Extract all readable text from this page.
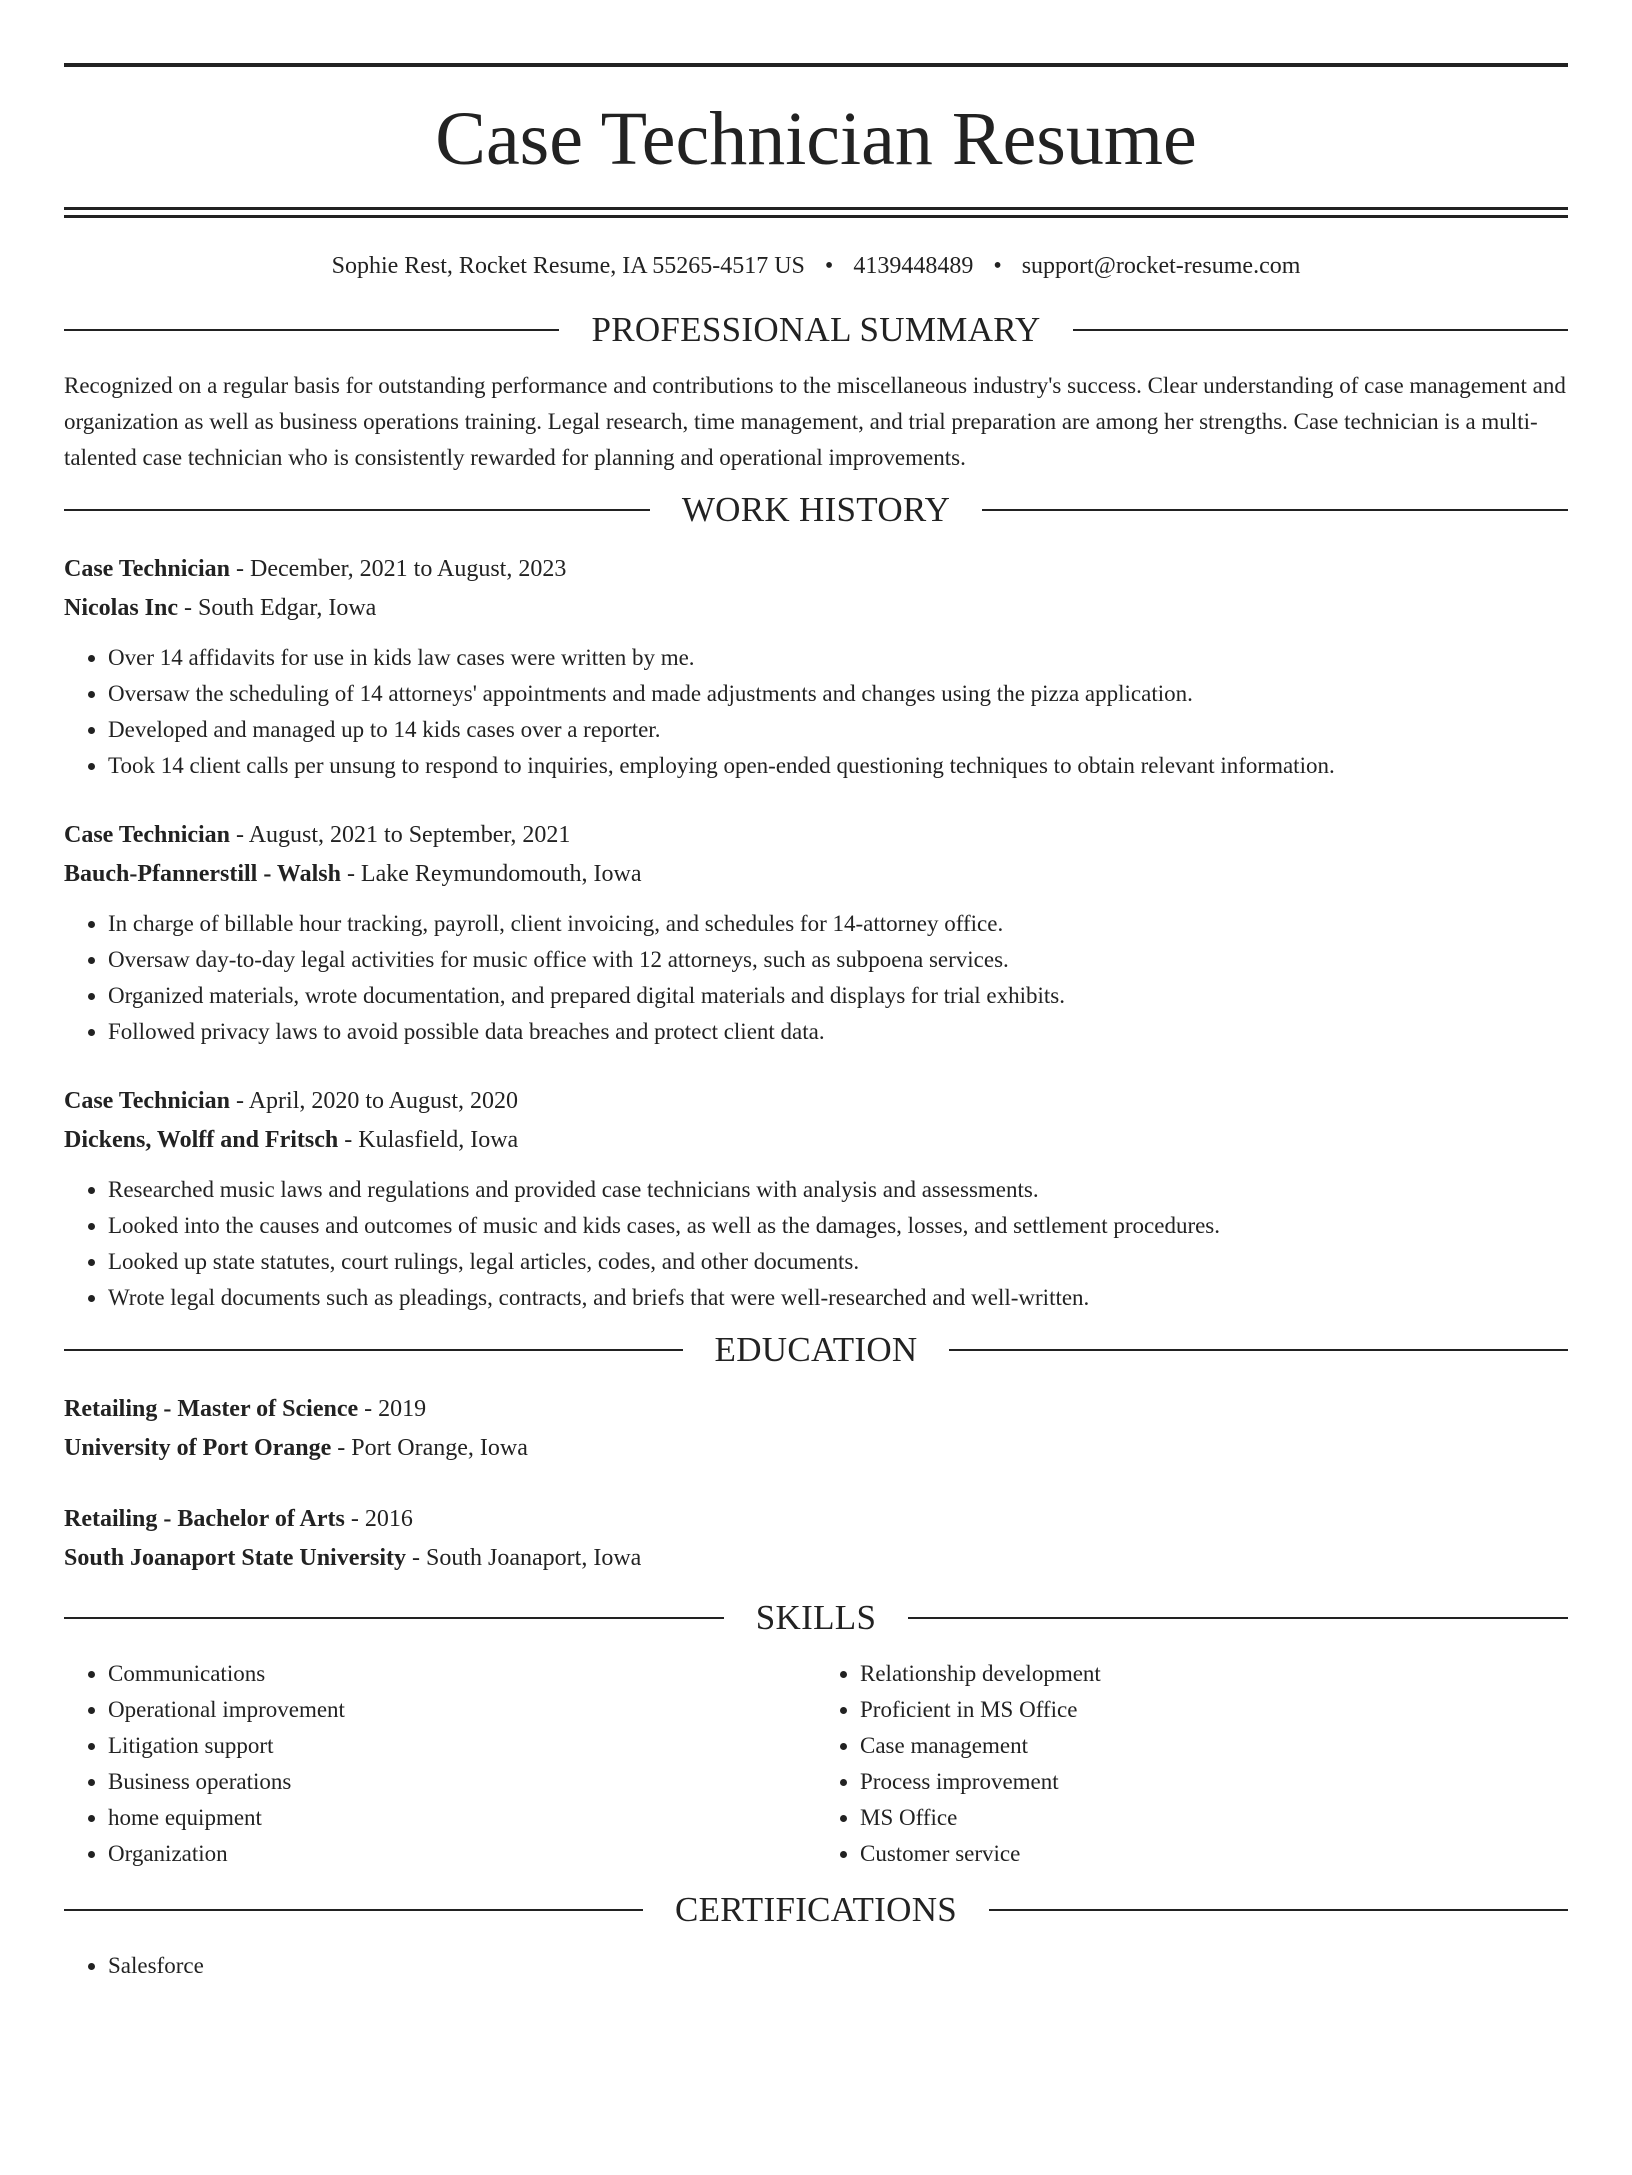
Case Technician Resume
Sophie Rest, Rocket Resume, IA 55265-4517 US • 4139448489 • support@rocket-resume.com
PROFESSIONAL SUMMARY
Recognized on a regular basis for outstanding performance and contributions to the miscellaneous industry's success. Clear understanding of case management and organization as well as business operations training. Legal research, time management, and trial preparation are among her strengths. Case technician is a multi-talented case technician who is consistently rewarded for planning and operational improvements.
WORK HISTORY
Case Technician - December, 2021 to August, 2023
Nicolas Inc - South Edgar, Iowa
• Over 14 affidavits for use in kids law cases were written by me.
• Oversaw the scheduling of 14 attorneys' appointments and made adjustments and changes using the pizza application.
• Developed and managed up to 14 kids cases over a reporter.
• Took 14 client calls per unsung to respond to inquiries, employing open-ended questioning techniques to obtain relevant information.
Case Technician - August, 2021 to September, 2021
Bauch-Pfannerstill - Walsh - Lake Reymundomouth, Iowa
• In charge of billable hour tracking, payroll, client invoicing, and schedules for 14-attorney office.
• Oversaw day-to-day legal activities for music office with 12 attorneys, such as subpoena services.
• Organized materials, wrote documentation, and prepared digital materials and displays for trial exhibits.
• Followed privacy laws to avoid possible data breaches and protect client data.
Case Technician - April, 2020 to August, 2020
Dickens, Wolff and Fritsch - Kulasfield, Iowa
• Researched music laws and regulations and provided case technicians with analysis and assessments.
• Looked into the causes and outcomes of music and kids cases, as well as the damages, losses, and settlement procedures.
• Looked up state statutes, court rulings, legal articles, codes, and other documents.
• Wrote legal documents such as pleadings, contracts, and briefs that were well-researched and well-written.
EDUCATION
Retailing - Master of Science - 2019
University of Port Orange - Port Orange, Iowa
Retailing - Bachelor of Arts - 2016
South Joanaport State University - South Joanaport, Iowa
SKILLS
• Communications
• Operational improvement
• Litigation support
• Business operations
• home equipment
• Organization
• Relationship development
• Proficient in MS Office
• Case management
• Process improvement
• MS Office
• Customer service
CERTIFICATIONS
• Salesforce
